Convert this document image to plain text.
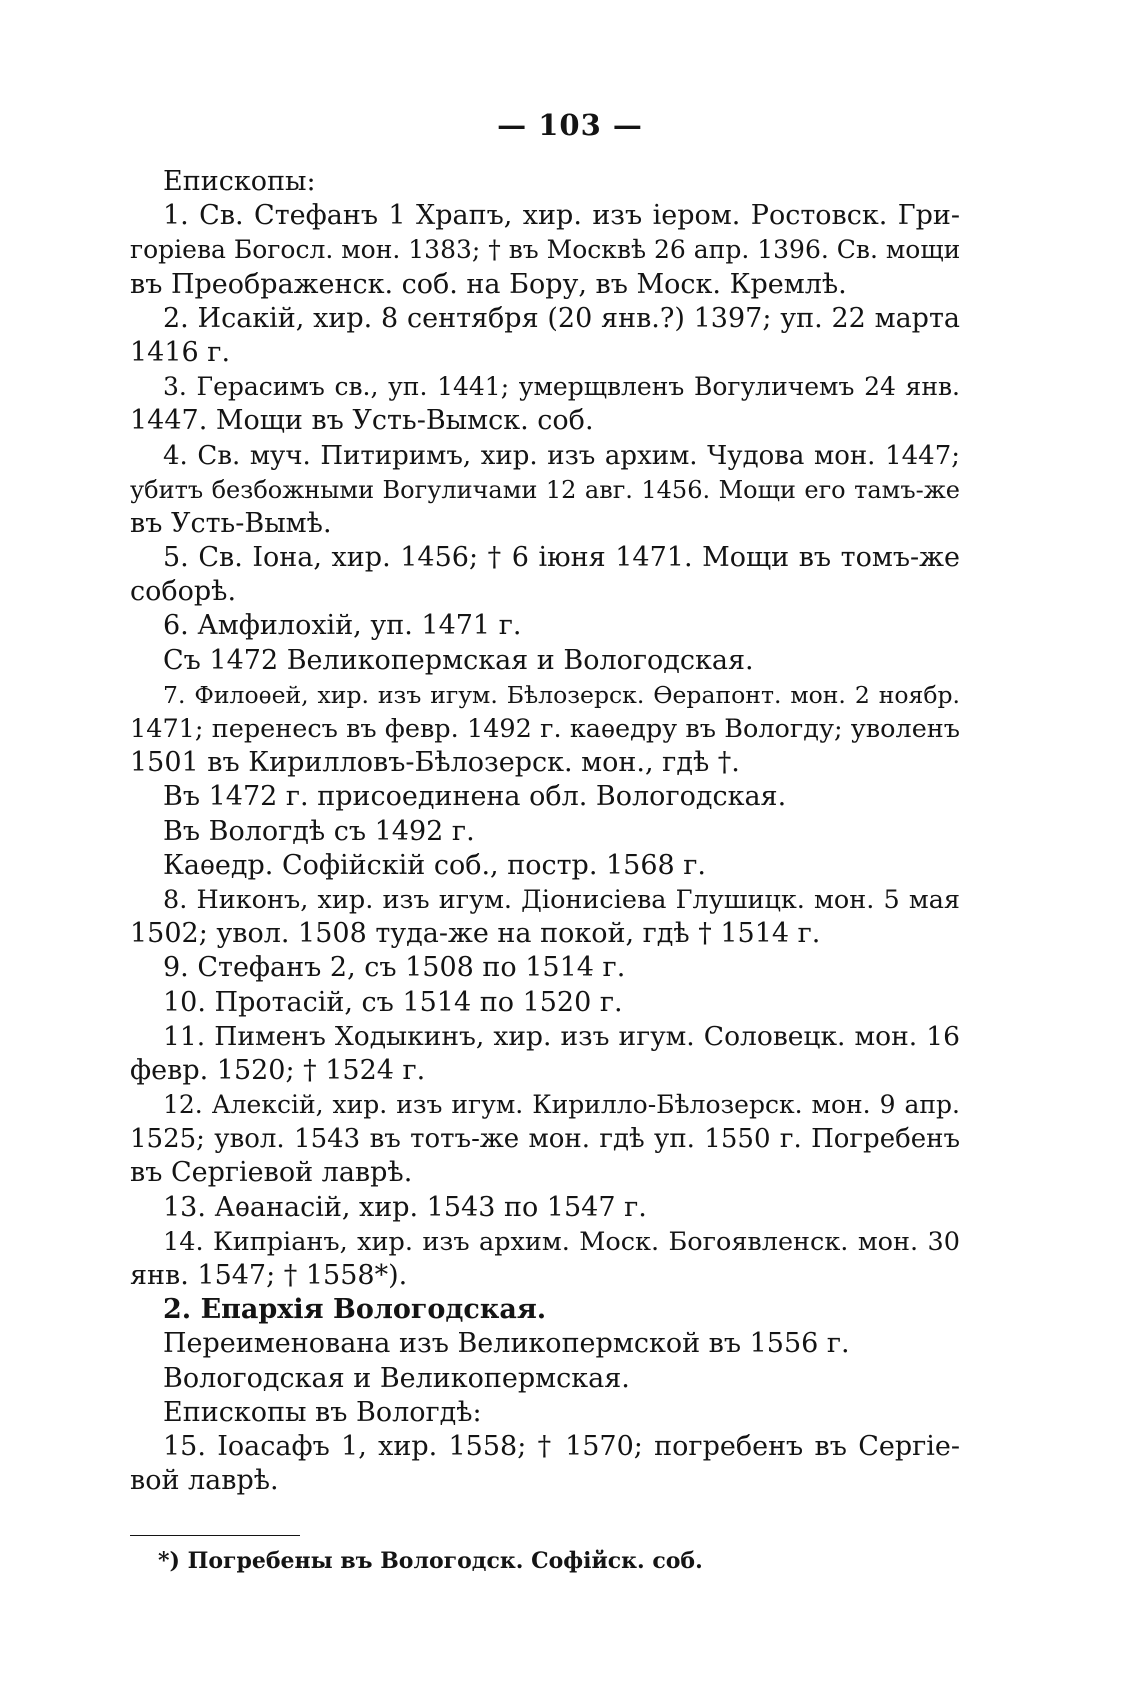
— 103 —
Епископы:
1. Св. Стефанъ 1 Храпъ, хир. изъ iером. Ростовск. Гри-
горiева Богосл. мон. 1383; † въ Москвѣ 26 апр. 1396. Св. мощи
въ Преображенск. соб. на Бору, въ Моск. Кремлѣ.
2. Исакiй, хир. 8 сентября (20 янв.?) 1397; уп. 22 марта
1416 г.
3. Герасимъ св., уп. 1441; умерщвленъ Вогуличемъ 24 янв.
1447. Мощи въ Усть-Вымск. соб.
4. Св. муч. Питиримъ, хир. изъ архим. Чудова мон. 1447;
убитъ безбожными Вогуличами 12 авг. 1456. Мощи его тамъ-же
въ Усть-Вымѣ.
5. Св. Iона, хир. 1456; † 6 iюня 1471. Мощи въ томъ-же
соборѣ.
6. Амфилохiй, уп. 1471 г.
Съ 1472 Великопермская и Вологодская.
7. Филоѳей, хир. изъ игум. Бѣлозерск. Ѳерапонт. мон. 2 ноябр.
1471; перенесъ въ февр. 1492 г. каѳедру въ Вологду; уволенъ
1501 въ Кирилловъ-Бѣлозерск. мон., гдѣ †.
Въ 1472 г. присоединена обл. Вологодская.
Въ Вологдѣ съ 1492 г.
Каѳедр. Софiйскiй соб., постр. 1568 г.
8. Никонъ, хир. изъ игум. Дiонисiева Глушицк. мон. 5 мая
1502; увол. 1508 туда-же на покой, гдѣ † 1514 г.
9. Стефанъ 2, съ 1508 по 1514 г.
10. Протасiй, съ 1514 по 1520 г.
11. Пименъ Ходыкинъ, хир. изъ игум. Соловецк. мон. 16
февр. 1520; † 1524 г.
12. Алексiй, хир. изъ игум. Кирилло-Бѣлозерск. мон. 9 апр.
1525; увол. 1543 въ тотъ-же мон. гдѣ уп. 1550 г. Погребенъ
въ Сергiевой лаврѣ.
13. Аѳанасiй, хир. 1543 по 1547 г.
14. Кипрiанъ, хир. изъ архим. Моск. Богоявленск. мон. 30
янв. 1547; † 1558*).
2. Епархiя Вологодская.
Переименована изъ Великопермской въ 1556 г.
Вологодская и Великопермская.
Епископы въ Вологдѣ:
15. Iоасафъ 1, хир. 1558; † 1570; погребенъ въ Сергiе-
вой лаврѣ.
*) Погребены въ Вологодск. Софiйск. соб.
